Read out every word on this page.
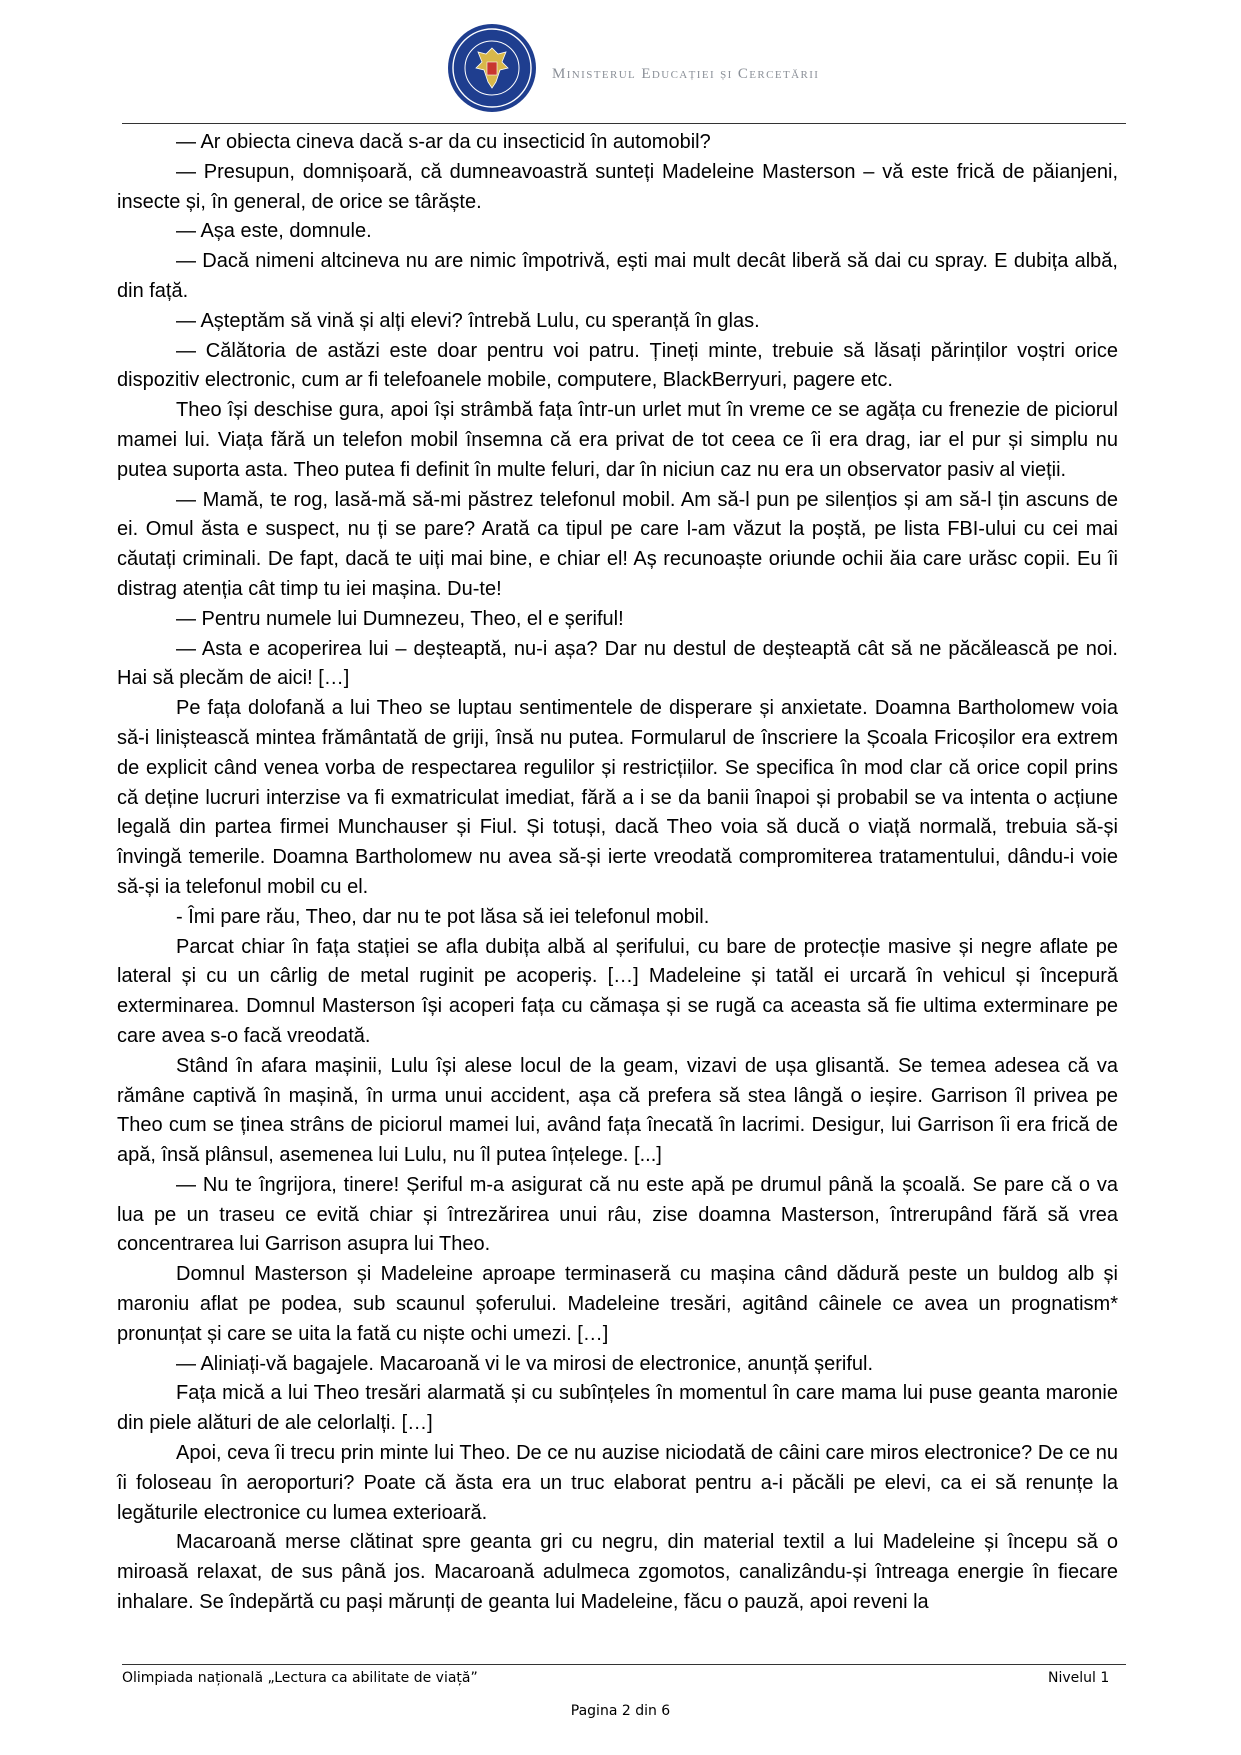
Ministerul Educației și Cercetării

— Ar obiecta cineva dacă s-ar da cu insecticid în automobil?

— Presupun, domnișoară, că dumneavoastră sunteți Madeleine Masterson – vă este frică de păianjeni, insecte și, în general, de orice se târăște.

— Așa este, domnule.

— Dacă nimeni altcineva nu are nimic împotrivă, ești mai mult decât liberă să dai cu spray. E dubița albă, din față.

— Așteptăm să vină și alți elevi? întrebă Lulu, cu speranță în glas.

— Călătoria de astăzi este doar pentru voi patru. Țineți minte, trebuie să lăsați părinților voștri orice dispozitiv electronic, cum ar fi telefoanele mobile, computere, BlackBerryuri, pagere etc.

Theo își deschise gura, apoi își strâmbă fața într-un urlet mut în vreme ce se agăța cu frenezie de piciorul mamei lui. Viața fără un telefon mobil însemna că era privat de tot ceea ce îi era drag, iar el pur și simplu nu putea suporta asta. Theo putea fi definit în multe feluri, dar în niciun caz nu era un observator pasiv al vieții.

— Mamă, te rog, lasă-mă să-mi păstrez telefonul mobil. Am să-l pun pe silențios și am să-l țin ascuns de ei. Omul ăsta e suspect, nu ți se pare? Arată ca tipul pe care l-am văzut la poștă, pe lista FBI-ului cu cei mai căutați criminali. De fapt, dacă te uiți mai bine, e chiar el! Aș recunoaște oriunde ochii ăia care urăsc copii. Eu îi distrag atenția cât timp tu iei mașina. Du-te!

— Pentru numele lui Dumnezeu, Theo, el e șeriful!

— Asta e acoperirea lui – deșteaptă, nu-i așa? Dar nu destul de deșteaptă cât să ne păcălească pe noi. Hai să plecăm de aici! […]

Pe fața dolofană a lui Theo se luptau sentimentele de disperare și anxietate. Doamna Bartholomew voia să-i liniștească mintea frământată de griji, însă nu putea. Formularul de înscriere la Școala Fricoșilor era extrem de explicit când venea vorba de respectarea regulilor și restricțiilor. Se specifica în mod clar că orice copil prins că deține lucruri interzise va fi exmatriculat imediat, fără a i se da banii înapoi și probabil se va intenta o acțiune legală din partea firmei Munchauser și Fiul. Și totuși, dacă Theo voia să ducă o viață normală, trebuia să-și învingă temerile. Doamna Bartholomew nu avea să-și ierte vreodată compromiterea tratamentului, dându-i voie să-și ia telefonul mobil cu el.

- Îmi pare rău, Theo, dar nu te pot lăsa să iei telefonul mobil.

Parcat chiar în fața stației se afla dubița albă al șerifului, cu bare de protecție masive și negre aflate pe lateral și cu un cârlig de metal ruginit pe acoperiș. […] Madeleine și tatăl ei urcară în vehicul și începură exterminarea. Domnul Masterson își acoperi fața cu cămașa și se rugă ca aceasta să fie ultima exterminare pe care avea s-o facă vreodată.

Stând în afara mașinii, Lulu își alese locul de la geam, vizavi de ușa glisantă. Se temea adesea că va rămâne captivă în mașină, în urma unui accident, așa că prefera să stea lângă o ieșire. Garrison îl privea pe Theo cum se ținea strâns de piciorul mamei lui, având fața înecată în lacrimi. Desigur, lui Garrison îi era frică de apă, însă plânsul, asemenea lui Lulu, nu îl putea înțelege. [...]

— Nu te îngrijora, tinere! Șeriful m-a asigurat că nu este apă pe drumul până la școală. Se pare că o va lua pe un traseu ce evită chiar și întrezărirea unui râu, zise doamna Masterson, întrerupând fără să vrea concentrarea lui Garrison asupra lui Theo.

Domnul Masterson și Madeleine aproape terminaseră cu mașina când dădură peste un buldog alb și maroniu aflat pe podea, sub scaunul șoferului. Madeleine tresări, agitând câinele ce avea un prognatism* pronunțat și care se uita la fată cu niște ochi umezi. […]

— Aliniați-vă bagajele. Macaroană vi le va mirosi de electronice, anunță șeriful.

Fața mică a lui Theo tresări alarmată și cu subînțeles în momentul în care mama lui puse geanta maronie din piele alături de ale celorlalți. […]

Apoi, ceva îi trecu prin minte lui Theo. De ce nu auzise niciodată de câini care miros electronice? De ce nu îi foloseau în aeroporturi? Poate că ăsta era un truc elaborat pentru a-i păcăli pe elevi, ca ei să renunțe la legăturile electronice cu lumea exterioară.

Macaroană merse clătinat spre geanta gri cu negru, din material textil a lui Madeleine și începu să o miroasă relaxat, de sus până jos. Macaroană adulmeca zgomotos, canalizându-și întreaga energie în fiecare inhalare. Se îndepărtă cu pași mărunți de geanta lui Madeleine, făcu o pauză, apoi reveni la

Olimpiada națională „Lectura ca abilitate de viață”	Nivelul 1
Pagina 2 din 6
